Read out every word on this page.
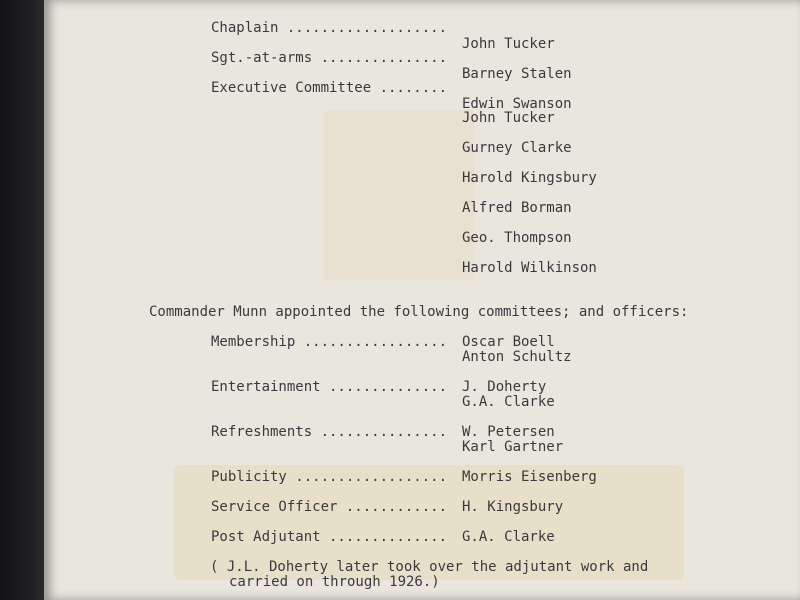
Chaplain ...................

John Tucker

Sgt.-at-arms ...............

Barney Stalen

Executive Committee ........

Edwin Swanson

John Tucker

Gurney Clarke

Harold Kingsbury

Alfred Borman

Geo. Thompson

Harold Wilkinson

Commander Munn appointed the following committees; and officers:

Membership .................

Oscar Boell

Anton Schultz

Entertainment ..............

J. Doherty

G.A. Clarke

Refreshments ...............

W. Petersen

Karl Gartner

Publicity ..................

Morris Eisenberg

Service Officer ............

H. Kingsbury

Post Adjutant ..............

G.A. Clarke

( J.L. Doherty later took over the adjutant work and
carried on through 1926.)
